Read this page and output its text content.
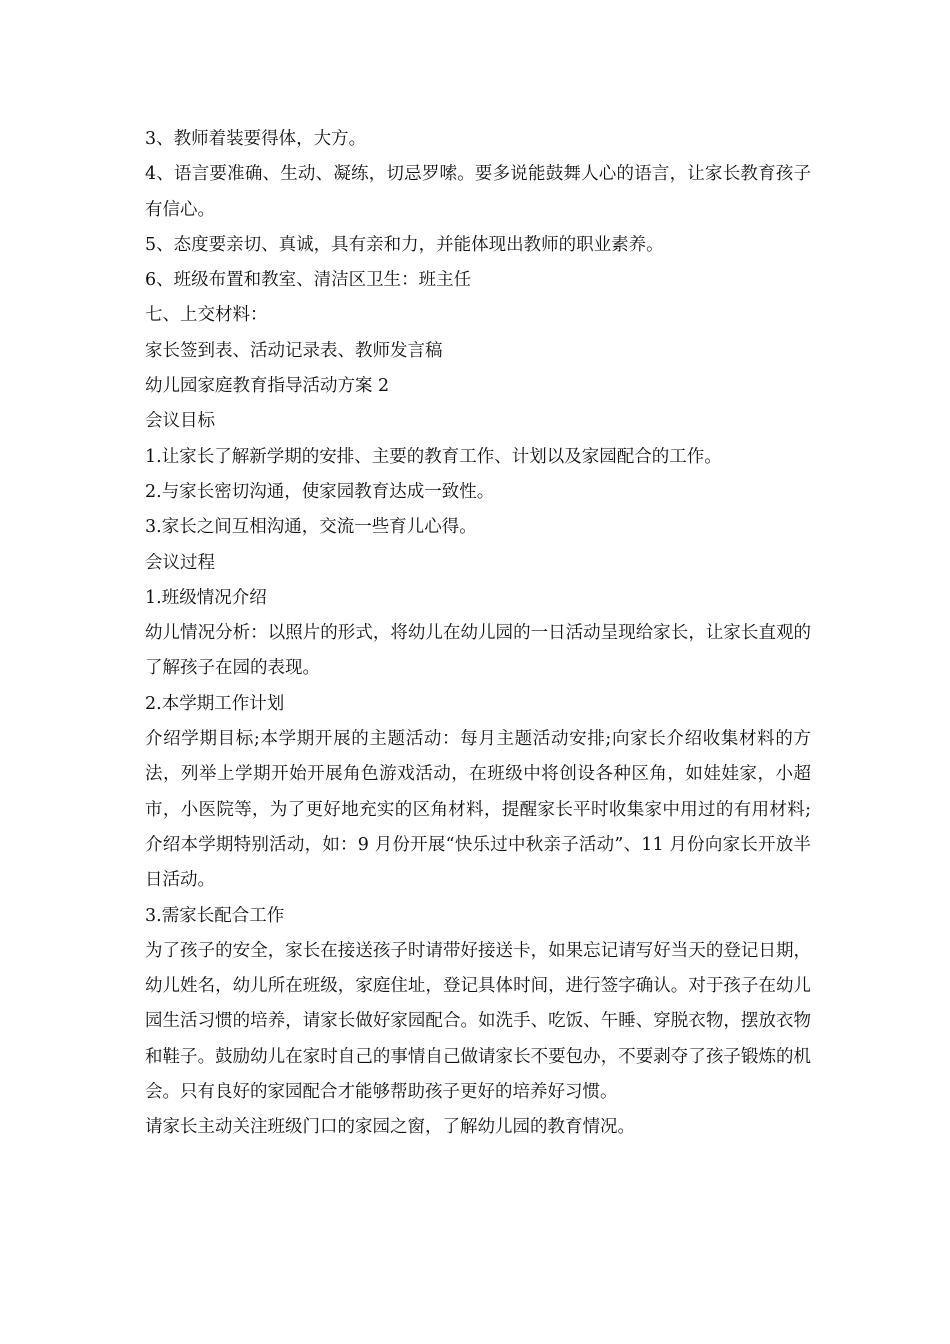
3、教师着装要得体，大方。

4、语言要准确、生动、凝练，切忌罗嗦。要多说能鼓舞人心的语言，让家长教育孩子有信心。

5、态度要亲切、真诚，具有亲和力，并能体现出教师的职业素养。

6、班级布置和教室、清洁区卫生：班主任

七、上交材料：

家长签到表、活动记录表、教师发言稿

幼儿园家庭教育指导活动方案 2

会议目标

1.让家长了解新学期的安排、主要的教育工作、计划以及家园配合的工作。

2.与家长密切沟通，使家园教育达成一致性。

3.家长之间互相沟通，交流一些育儿心得。

会议过程

1.班级情况介绍

幼儿情况分析：以照片的形式，将幼儿在幼儿园的一日活动呈现给家长，让家长直观的了解孩子在园的表现。

2.本学期工作计划

介绍学期目标;本学期开展的主题活动：每月主题活动安排;向家长介绍收集材料的方法，列举上学期开始开展角色游戏活动，在班级中将创设各种区角，如娃娃家，小超市，小医院等，为了更好地充实的区角材料，提醒家长平时收集家中用过的有用材料;介绍本学期特别活动，如：9 月份开展“快乐过中秋亲子活动”、11 月份向家长开放半日活动。

3.需家长配合工作

为了孩子的安全，家长在接送孩子时请带好接送卡，如果忘记请写好当天的登记日期，幼儿姓名，幼儿所在班级，家庭住址，登记具体时间，进行签字确认。对于孩子在幼儿园生活习惯的培养，请家长做好家园配合。如洗手、吃饭、午睡、穿脱衣物，摆放衣物和鞋子。鼓励幼儿在家时自己的事情自己做请家长不要包办，不要剥夺了孩子锻炼的机会。只有良好的家园配合才能够帮助孩子更好的培养好习惯。

请家长主动关注班级门口的家园之窗，了解幼儿园的教育情况。
